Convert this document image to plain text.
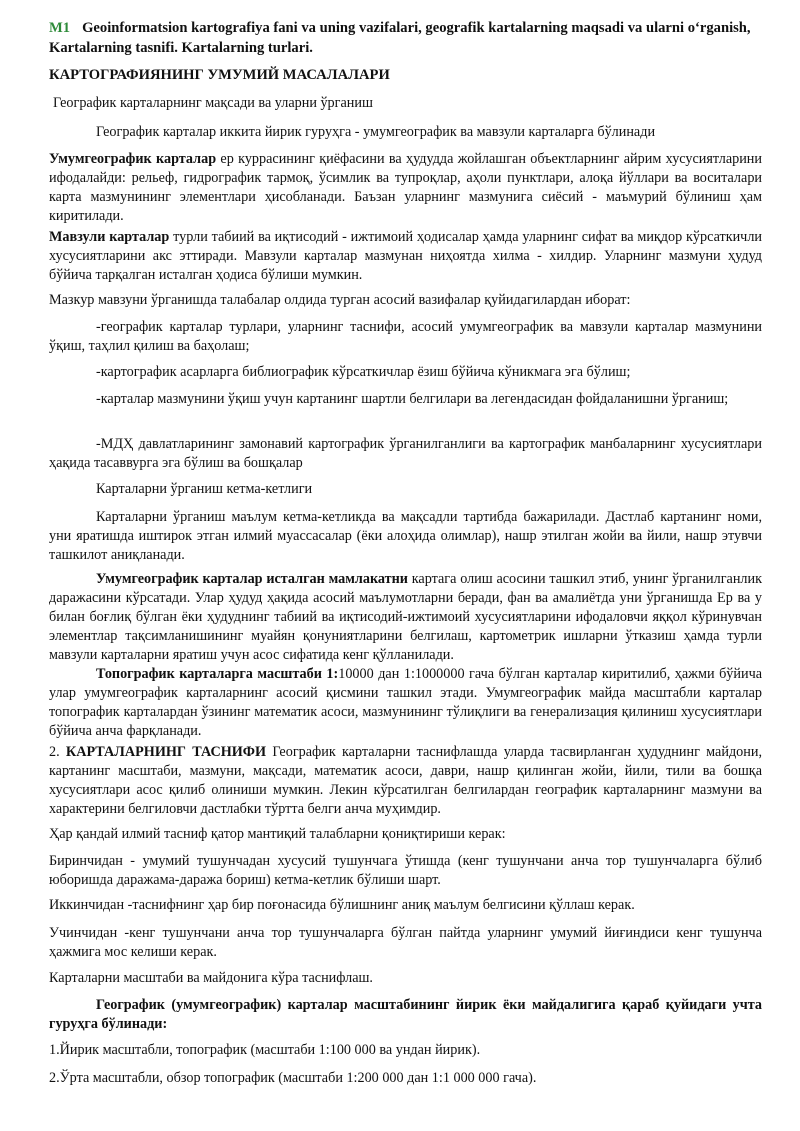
M1 Geoinformatsion kartografiya fani va uning vazifalari, geografik kartalarning maqsadi va ularni o‘rganish,
Kartalarning tasnifi. Kartalarning turlari.
КАРТОГРАФИЯНИНГ УМУМИЙ МАСАЛАЛАРИ
Географик карталарнинг мақсади ва уларни ўрганиш
Географик карталар иккита йирик гуруҳга - умумгеографик ва мавзули карталарга бўлинади
Умумгеографик карталар ер куррасининг қиёфасини ва ҳудудда жойлашган объектларнинг айрим хусусиятларини ифодалайди: рельеф, гидрографик тармоқ, ўсимлик ва тупроқлар, аҳоли пунктлари, алоқа йўллари ва воситалари карта мазмунининг элементлари ҳисобланади. Баъзан уларнинг мазмунига сиёсий - маъмурий бўлиниш ҳам киритилади.
Мавзули карталар турли табиий ва иқтисодий - ижтимоий ҳодисалар ҳамда уларнинг сифат ва миқдор кўрсаткичли хусусиятларини акс эттиради. Мавзули карталар мазмунан ниҳоятда хилма - хилдир. Уларнинг мазмуни ҳудуд бўйича тарқалган исталган ҳодиса бўлиши мумкин.
Мазкур мавзуни ўрганишда талабалар олдида турган асосий вазифалар қуйидагилардан иборат:
-географик карталар турлари, уларнинг таснифи, асосий умумгеографик ва мавзули карталар мазмунини ўқиш, таҳлил қилиш ва баҳолаш;
-картографик асарларга библиографик кўрсаткичлар ёзиш бўйича кўникмага эга бўлиш;
-карталар мазмунини ўқиш учун картанинг шартли белгилари ва легендасидан фойдаланишни ўрганиш;
-МДҲ давлатларининг замонавий картографик ўрганилганлиги ва картографик манбаларнинг хусусиятлари ҳақида тасаввурга эга бўлиш ва бошқалар
Карталарни ўрганиш кетма-кетлиги
Карталарни ўрганиш маълум кетма-кетликда ва мақсадли тартибда бажарилади. Дастлаб картанинг номи, уни яратишда иштирок этган илмий муассасалар (ёки алоҳида олимлар), нашр этилган жойи ва йили, нашр этувчи ташкилот аниқланади.
Умумгеографик карталар исталган мамлакатни картага олиш асосини ташкил этиб, унинг ўрганилганлик даражасини кўрсатади. Улар ҳудуд ҳақида асосий маълумотларни беради, фан ва амалиётда уни ўрганишда Ер ва у билан боғлиқ бўлган ёки ҳудуднинг табиий ва иқтисодий-ижтимоий хусусиятларини ифодаловчи яққол кўринувчан элементлар тақсимланишининг муайян қонуниятларини белгилаш, картометрик ишларни ўтказиш ҳамда турли мавзули карталарни яратиш учун асос сифатида кенг қўлланилади.
Топографик карталарга масштаби 1:10000 дан 1:1000000 гача бўлган карталар киритилиб, ҳажми бўйича улар умумгеографик карталарнинг асосий қисмини ташкил этади. Умумгеографик майда масштабли карталар топографик карталардан ўзининг математик асоси, мазмунининг тўлиқлиги ва генерализация қилиниш хусусиятлари бўйича анча фарқланади.
2. КАРТАЛАРНИНГ ТАСНИФИ Географик карталарни таснифлашда уларда тасвирланган ҳудуднинг майдони, картанинг масштаби, мазмуни, мақсади, математик асоси, даври, нашр қилинган жойи, йили, тили ва бошқа хусусиятлари асос қилиб олиниши мумкин. Лекин кўрсатилган белгилардан географик карталарнинг мазмуни ва характерини белгиловчи дастлабки тўртта белги анча муҳимдир.
Ҳар қандай илмий тасниф қатор мантиқий талабларни қониқтириши керак:
Биринчидан - умумий тушунчадан хусусий тушунчага ўтишда (кенг тушунчани анча тор тушунчаларга бўлиб юборишда даражама-даража бориш) кетма-кетлик бўлиши шарт.
Иккинчидан -таснифнинг ҳар бир поғонасида бўлишнинг аниқ маълум белгисини қўллаш керак.
Учинчидан -кенг тушунчани анча тор тушунчаларга бўлган пайтда уларнинг умумий йиғиндиси кенг тушунча ҳажмига мос келиши керак.
Карталарни масштаби ва майдонига кўра таснифлаш.
Географик (умумгеографик) карталар масштабининг йирик ёки майдалигига қараб қуйидаги учта гуруҳга бўлинади:
1.Йирик масштабли, топографик (масштаби 1:100 000 ва ундан йирик).
2.Ўрта масштабли, обзор топографик (масштаби 1:200 000 дан 1:1 000 000 гача).
